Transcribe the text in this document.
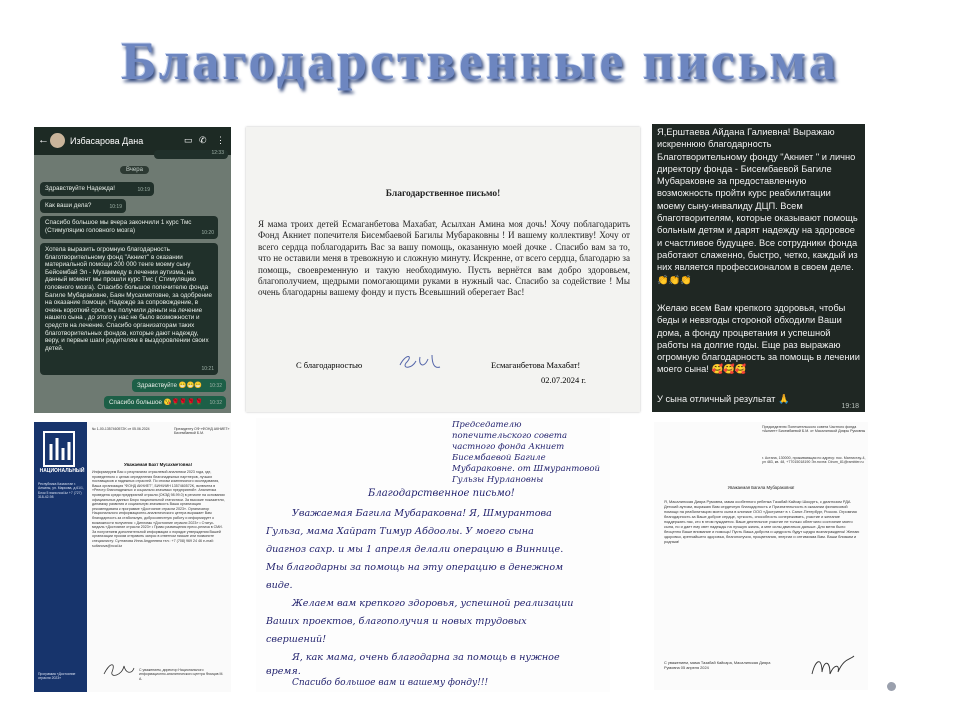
Благодарственные письма
← Избасарова Дана	▭ ✆ ⋮
12:33
Вчера
Здравствуйте Надежда!	10:19
Как ваши дела?	10:19
Спасибо большое мы вчера закончили 1 курс Тмс (Стимуляцию головного мозга)	10:20
Хотела выразить огромную благодарность благотворительному фонд "Акниет" в оказании материальной помощи 200 000 тенге моему сыну Бейсембай Эл - Мухаммеду в лечении аутизма, на данный момент мы прошли курс Тмс ( Стимуляцию головного мозга). Спасибо большое попечителю фонда Багиле Мубараковне, Баян Мусахметовне, за одобрение на оказание помощи, Надежде за сопровождение, в очень короткий срок, мы получили деньги на лечение нашего сына , до этого у нас не было возможности и средств на лечение. Спасибо организаторам таких благотворительных фондов, которые дают надежду, веру, и первые шаги родителям в выздоровлении своих детей.
10:21
Здравствуйте 😁😁😁 10:32
Спасибо большое 😘🌹🌹🌹🌹 10:32
Благодарственное письмо!
Я мама троих детей Есмаганбетова Махабат, Асылхан Амина моя дочь! Хочу поблагодарить Фонд Акниет попечителя Бисембаевой Багилы Мубараковны ! И вашему коллективу! Хочу от всего сердца поблагодарить Вас за вашу помощь, оказанную моей дочке . Спасибо вам за то, что не оставили меня в тревожную и сложную минуту. Искренне, от всего сердца, благодарю за помощь, своевременную и такую необходимую. Пусть вернётся вам добро здоровьем, благополучием, щедрыми помогающими руками в нужный час. Спасибо за содействие ! Мы очень благодарны вашему фонду и пусть Всевышний оберегает Вас!
С благодарностью	Есмаганбетова Махабат!
02.07.2024 г.
Я,Ерштаева Айдана Галиевна! Выражаю искреннюю благодарность Благотворительному фонду "Акниет " и лично директору фонда - Бисембаевой Багиле Мубараковне за предоставленную возможность пройти курс реабилитации моему сыну-инвалиду ДЦП. Всем благотворителям, которые оказывают помощь больным детям и дарят надежду на здоровое и счастливое будущее. Все сотрудники фонда работают слаженно, быстро, четко, каждый из них является профессионалом в своем деле. 👏👏👏
Желаю всем Вам крепкого здоровья, чтобы беды и невзгоды стороной обходили Ваши дома, а фонду процветания и успешной работы на долгие годы. Еще раз выражаю огромную благодарность за помощь в лечении моего сына! 🥰🥰🥰
У сына отличный результат 🙏
19:18
НАЦИОНАЛЬНЫЙ
Республика Казахстан г. Алматы, ул. Маркова, д.61/1, Блок 5 www.ncai.kz +7 (727) 318-42-98
Программа «Достояние отрасли 2023»
№ 1-00-1357460572K от 05.06.2024	Президенту ОФ «ФОНД АКНИЕТ» Бисембаевой Б.М.
Уважаемая Бахт Мусахметовна!
Информируем Вас о результатах отраслевой аналитики 2023 года, где, проведенного с целью определения благонадежных партнеров, лучших поставщиков и надежных отраслей. По итогам комплексного исследования, Ваша организация "ФОНД АКНИЕТ", БИН/ИИН 1357460572K, включена в «Реестр благонадежных и социально значимых предприятий». Аналитика проведена среди предприятий отрасли (ОКЭД 98.99.0) в регионе на основании официальных данных Бюро национальной статистики. За высокие показатели, динамику развития и социальную значимость Ваша организация рекомендована к программе «Достояние отрасли 2023». Организатор Национального информационно-аналитического центра выражает Вам благодарность за стабильную, добросовестную работу и информирует о возможности получения: • Дипломы «Достояние отрасли 2023» • Статус-медаль «Достояние отрасли 2023» • Право размещения пресс-релиза в СМИ. За получением дополнительной информации о порядке утверждения Вашей организации просим отправить запрос в ответном письме или позвоните специалисту: Султанова Инна Андреевна тел.: +7 (708) 969 24 46 e-mail: sultanova@ncai.kz
С уважением, директор Национального информационно-аналитического центра Фомцов М. А.
Председателю попечительского совета частного фонда Акниет Бисембаевой Багиле Мубараковне. от Шмурантовой Гульзы Нурлановны
Благодарственное письмо!
Уважаемая Багила Мубараковна! Я, Шмурантова
Гульза, мама Хайрат Тимур Абдоолы. У моего сына
диагноз сахр. и мы 1 апреля делали операцию в Виннице.
Мы благодарны за помощь на эту операцию в денежном
виде.
Желаем вам крепкого здоровья, успешной реализации
Ваших проектов, благополучия и новых трудовых
свершений!
Я, как мама, очень благодарна за помощь в нужное
время.
Спасибо большое вам и вашему фонду!!!
Председателю Попечительского совета Частного фонда «Акниет» Бисембаевой Б.М. от Масалинской Дияры Румовны
г. Астана, 130000, проживающая по адресу: пос. Мангистау-4, ул 483, кв. 48, +77015018190 Эл.почта: Dirum_81@rambler.ru
Уважаемая Багила Мубараковна!
Я, Масалинская Дияра Румовна, мама особенного ребенка Тазабай Кайсар Шокурть, с диагнозом РДА Детский аутизм, выражаю Вам сердечную благодарность и Признательность в оказании финансовой помощи на реабилитацию моего сына в клинике ООО «Доктрина» в г. Санкт-Петербург, Россия. Огромная благодарность за Ваше доброе сердце, чуткость, способность сопереживать, участие и желание поддержать нас, кто в этом нуждается. Ваше деятельное участие не только облегчило состояние моего сына, но и дает ему свет надежды на лучшую жизнь, а мне силы двигаться дальше. Для меня было бесценно Ваше внимание и помощь! Пусть Ваша доброта и щедрость будут щедро вознаграждены! Желаю здоровья, крепчайшего здоровья, благополучия, процветания, энергии и оптимизма Вам. Ваши близким и родным!
С уважением, мама Тазабай Кайсара, Масалинская Дияра Румовна 05 апреля 2024
